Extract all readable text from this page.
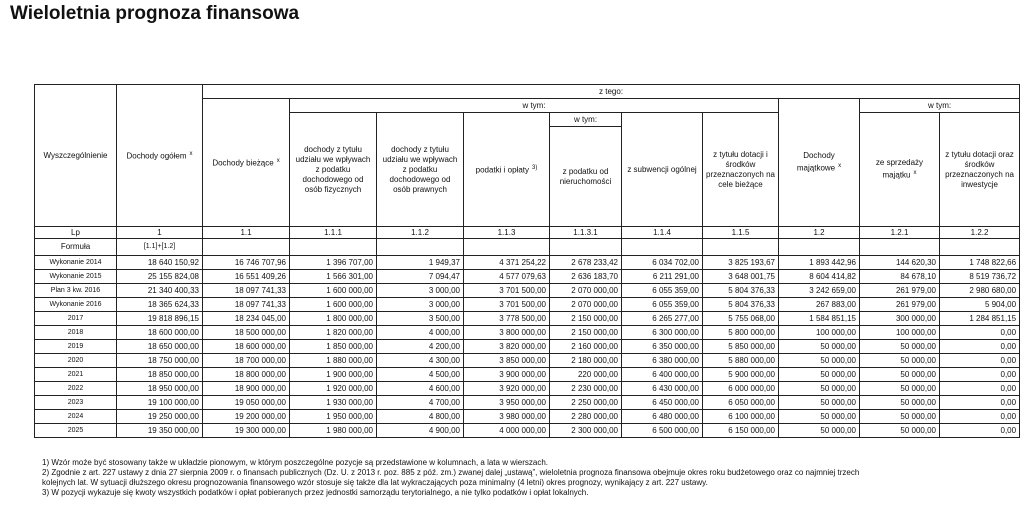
Wieloletnia prognoza finansowa
Wyszczególnienie	Dochody ogółem $^x$	z tego:									
		Dochody bieżące $^x$	w tym:						Dochody majątkowe $^x$	w tym:	
			dochody z tytułu udziału we wpływach z podatku dochodowego od osób fizycznych	dochody z tytułu udziału we wpływach z podatku dochodowego od osób prawnych	podatki i opłaty $^{3)}$	w tym:	z subwencji ogólnej	z tytułu dotacji i środków przeznaczonych na cele bieżące		ze sprzedaży majątku $^x$	z tytułu dotacji oraz środków przeznaczonych na inwestycje
						z podatku od nieruchomości					
Lp	1	1.1	1.1.1	1.1.2	1.1.3	1.1.3.1	1.1.4	1.1.5	1.2	1.2.1	1.2.2
Formuła	[1.1]+[1.2]										
Wykonanie 2014	18 640 150,92	16 746 707,96	1 396 707,00	1 949,37	4 371 254,22	2 678 233,42	6 034 702,00	3 825 193,67	1 893 442,96	144 620,30	1 748 822,66
Wykonanie 2015	25 155 824,08	16 551 409,26	1 566 301,00	7 094,47	4 577 079,63	2 636 183,70	6 211 291,00	3 648 001,75	8 604 414,82	84 678,10	8 519 736,72
Plan 3 kw. 2016	21 340 400,33	18 097 741,33	1 600 000,00	3 000,00	3 701 500,00	2 070 000,00	6 055 359,00	5 804 376,33	3 242 659,00	261 979,00	2 980 680,00
Wykonanie 2016	18 365 624,33	18 097 741,33	1 600 000,00	3 000,00	3 701 500,00	2 070 000,00	6 055 359,00	5 804 376,33	267 883,00	261 979,00	5 904,00
2017	19 818 896,15	18 234 045,00	1 800 000,00	3 500,00	3 778 500,00	2 150 000,00	6 265 277,00	5 755 068,00	1 584 851,15	300 000,00	1 284 851,15
2018	18 600 000,00	18 500 000,00	1 820 000,00	4 000,00	3 800 000,00	2 150 000,00	6 300 000,00	5 800 000,00	100 000,00	100 000,00	0,00
2019	18 650 000,00	18 600 000,00	1 850 000,00	4 200,00	3 820 000,00	2 160 000,00	6 350 000,00	5 850 000,00	50 000,00	50 000,00	0,00
2020	18 750 000,00	18 700 000,00	1 880 000,00	4 300,00	3 850 000,00	2 180 000,00	6 380 000,00	5 880 000,00	50 000,00	50 000,00	0,00
2021	18 850 000,00	18 800 000,00	1 900 000,00	4 500,00	3 900 000,00	220 000,00	6 400 000,00	5 900 000,00	50 000,00	50 000,00	0,00
2022	18 950 000,00	18 900 000,00	1 920 000,00	4 600,00	3 920 000,00	2 230 000,00	6 430 000,00	6 000 000,00	50 000,00	50 000,00	0,00
2023	19 100 000,00	19 050 000,00	1 930 000,00	4 700,00	3 950 000,00	2 250 000,00	6 450 000,00	6 050 000,00	50 000,00	50 000,00	0,00
2024	19 250 000,00	19 200 000,00	1 950 000,00	4 800,00	3 980 000,00	2 280 000,00	6 480 000,00	6 100 000,00	50 000,00	50 000,00	0,00
2025	19 350 000,00	19 300 000,00	1 980 000,00	4 900,00	4 000 000,00	2 300 000,00	6 500 000,00	6 150 000,00	50 000,00	50 000,00	0,00
1) Wzór może być stosowany także w układzie pionowym, w którym poszczególne pozycje są przedstawione w kolumnach, a lata w wierszach.
2) Zgodnie z art. 227 ustawy z dnia 27 sierpnia 2009 r. o finansach publicznych (Dz. U. z 2013 r. poz. 885 z póź. zm.) zwanej dalej „ustawą”, wieloletnia prognoza finansowa obejmuje okres roku budżetowego oraz co najmniej trzech
kolejnych lat. W sytuacji dłuższego okresu prognozowania finansowego wzór stosuje się także dla lat wykraczających poza minimalny (4 letni) okres prognozy, wynikający z art. 227 ustawy.
3) W pozycji wykazuje się kwoty wszystkich podatków i opłat pobieranych przez jednostki samorządu terytorialnego, a nie tylko podatków i opłat lokalnych.
